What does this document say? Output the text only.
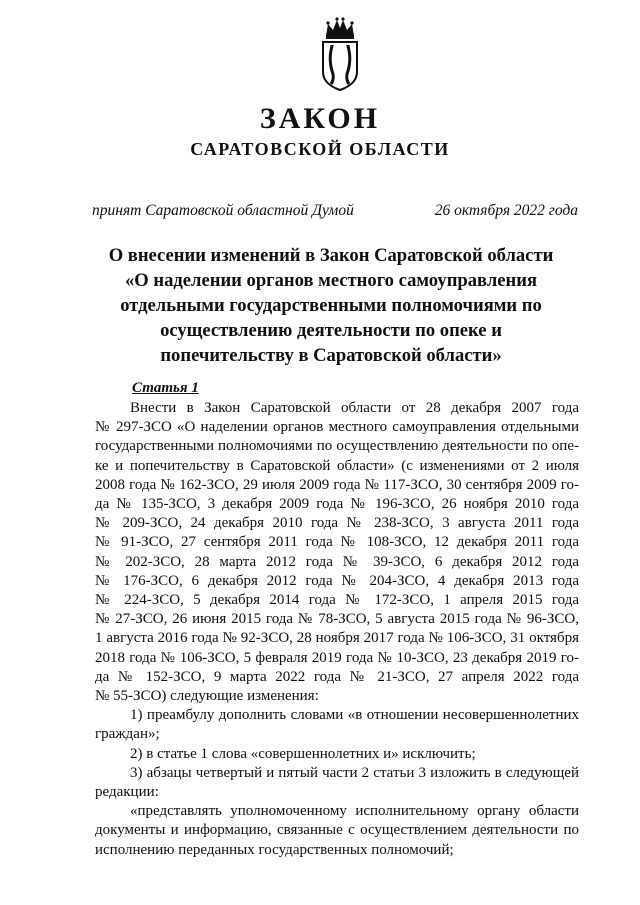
ЗАКОН
САРАТОВСКОЙ ОБЛАСТИ
принят Саратовской областной Думой	26 октября 2022 года
О внесении изменений в Закон Саратовской области
«О наделении органов местного самоуправления
отдельными государственными полномочиями по
осуществлению деятельности по опеке и
попечительству в Саратовской области»
Статья 1
Внести в Закон Саратовской области от 28 декабря 2007 года
№ 297-ЗСО «О наделении органов местного самоуправления отдельными
государственными полномочиями по осуществлению деятельности по опе-
ке и попечительству в Саратовской области» (с изменениями от 2 июля
2008 года № 162-ЗСО, 29 июля 2009 года № 117-ЗСО, 30 сентября 2009 го-
да № 135-ЗСО, 3 декабря 2009 года № 196-ЗСО, 26 ноября 2010 года
№ 209-ЗСО, 24 декабря 2010 года № 238-ЗСО, 3 августа 2011 года
№ 91-ЗСО, 27 сентября 2011 года № 108-ЗСО, 12 декабря 2011 года
№ 202-ЗСО, 28 марта 2012 года № 39-ЗСО, 6 декабря 2012 года
№ 176-ЗСО, 6 декабря 2012 года № 204-ЗСО, 4 декабря 2013 года
№ 224-ЗСО, 5 декабря 2014 года № 172-ЗСО, 1 апреля 2015 года
№ 27-ЗСО, 26 июня 2015 года № 78-ЗСО, 5 августа 2015 года № 96-ЗСО,
1 августа 2016 года № 92-ЗСО, 28 ноября 2017 года № 106-ЗСО, 31 октября
2018 года № 106-ЗСО, 5 февраля 2019 года № 10-ЗСО, 23 декабря 2019 го-
да № 152-ЗСО, 9 марта 2022 года № 21-ЗСО, 27 апреля 2022 года
№ 55-ЗСО) следующие изменения:
1) преамбулу дополнить словами «в отношении несовершеннолетних
граждан»;
2) в статье 1 слова «совершеннолетних и» исключить;
3) абзацы четвертый и пятый части 2 статьи 3 изложить в следующей
редакции:
«представлять уполномоченному исполнительному органу области
документы и информацию, связанные с осуществлением деятельности по
исполнению переданных государственных полномочий;
